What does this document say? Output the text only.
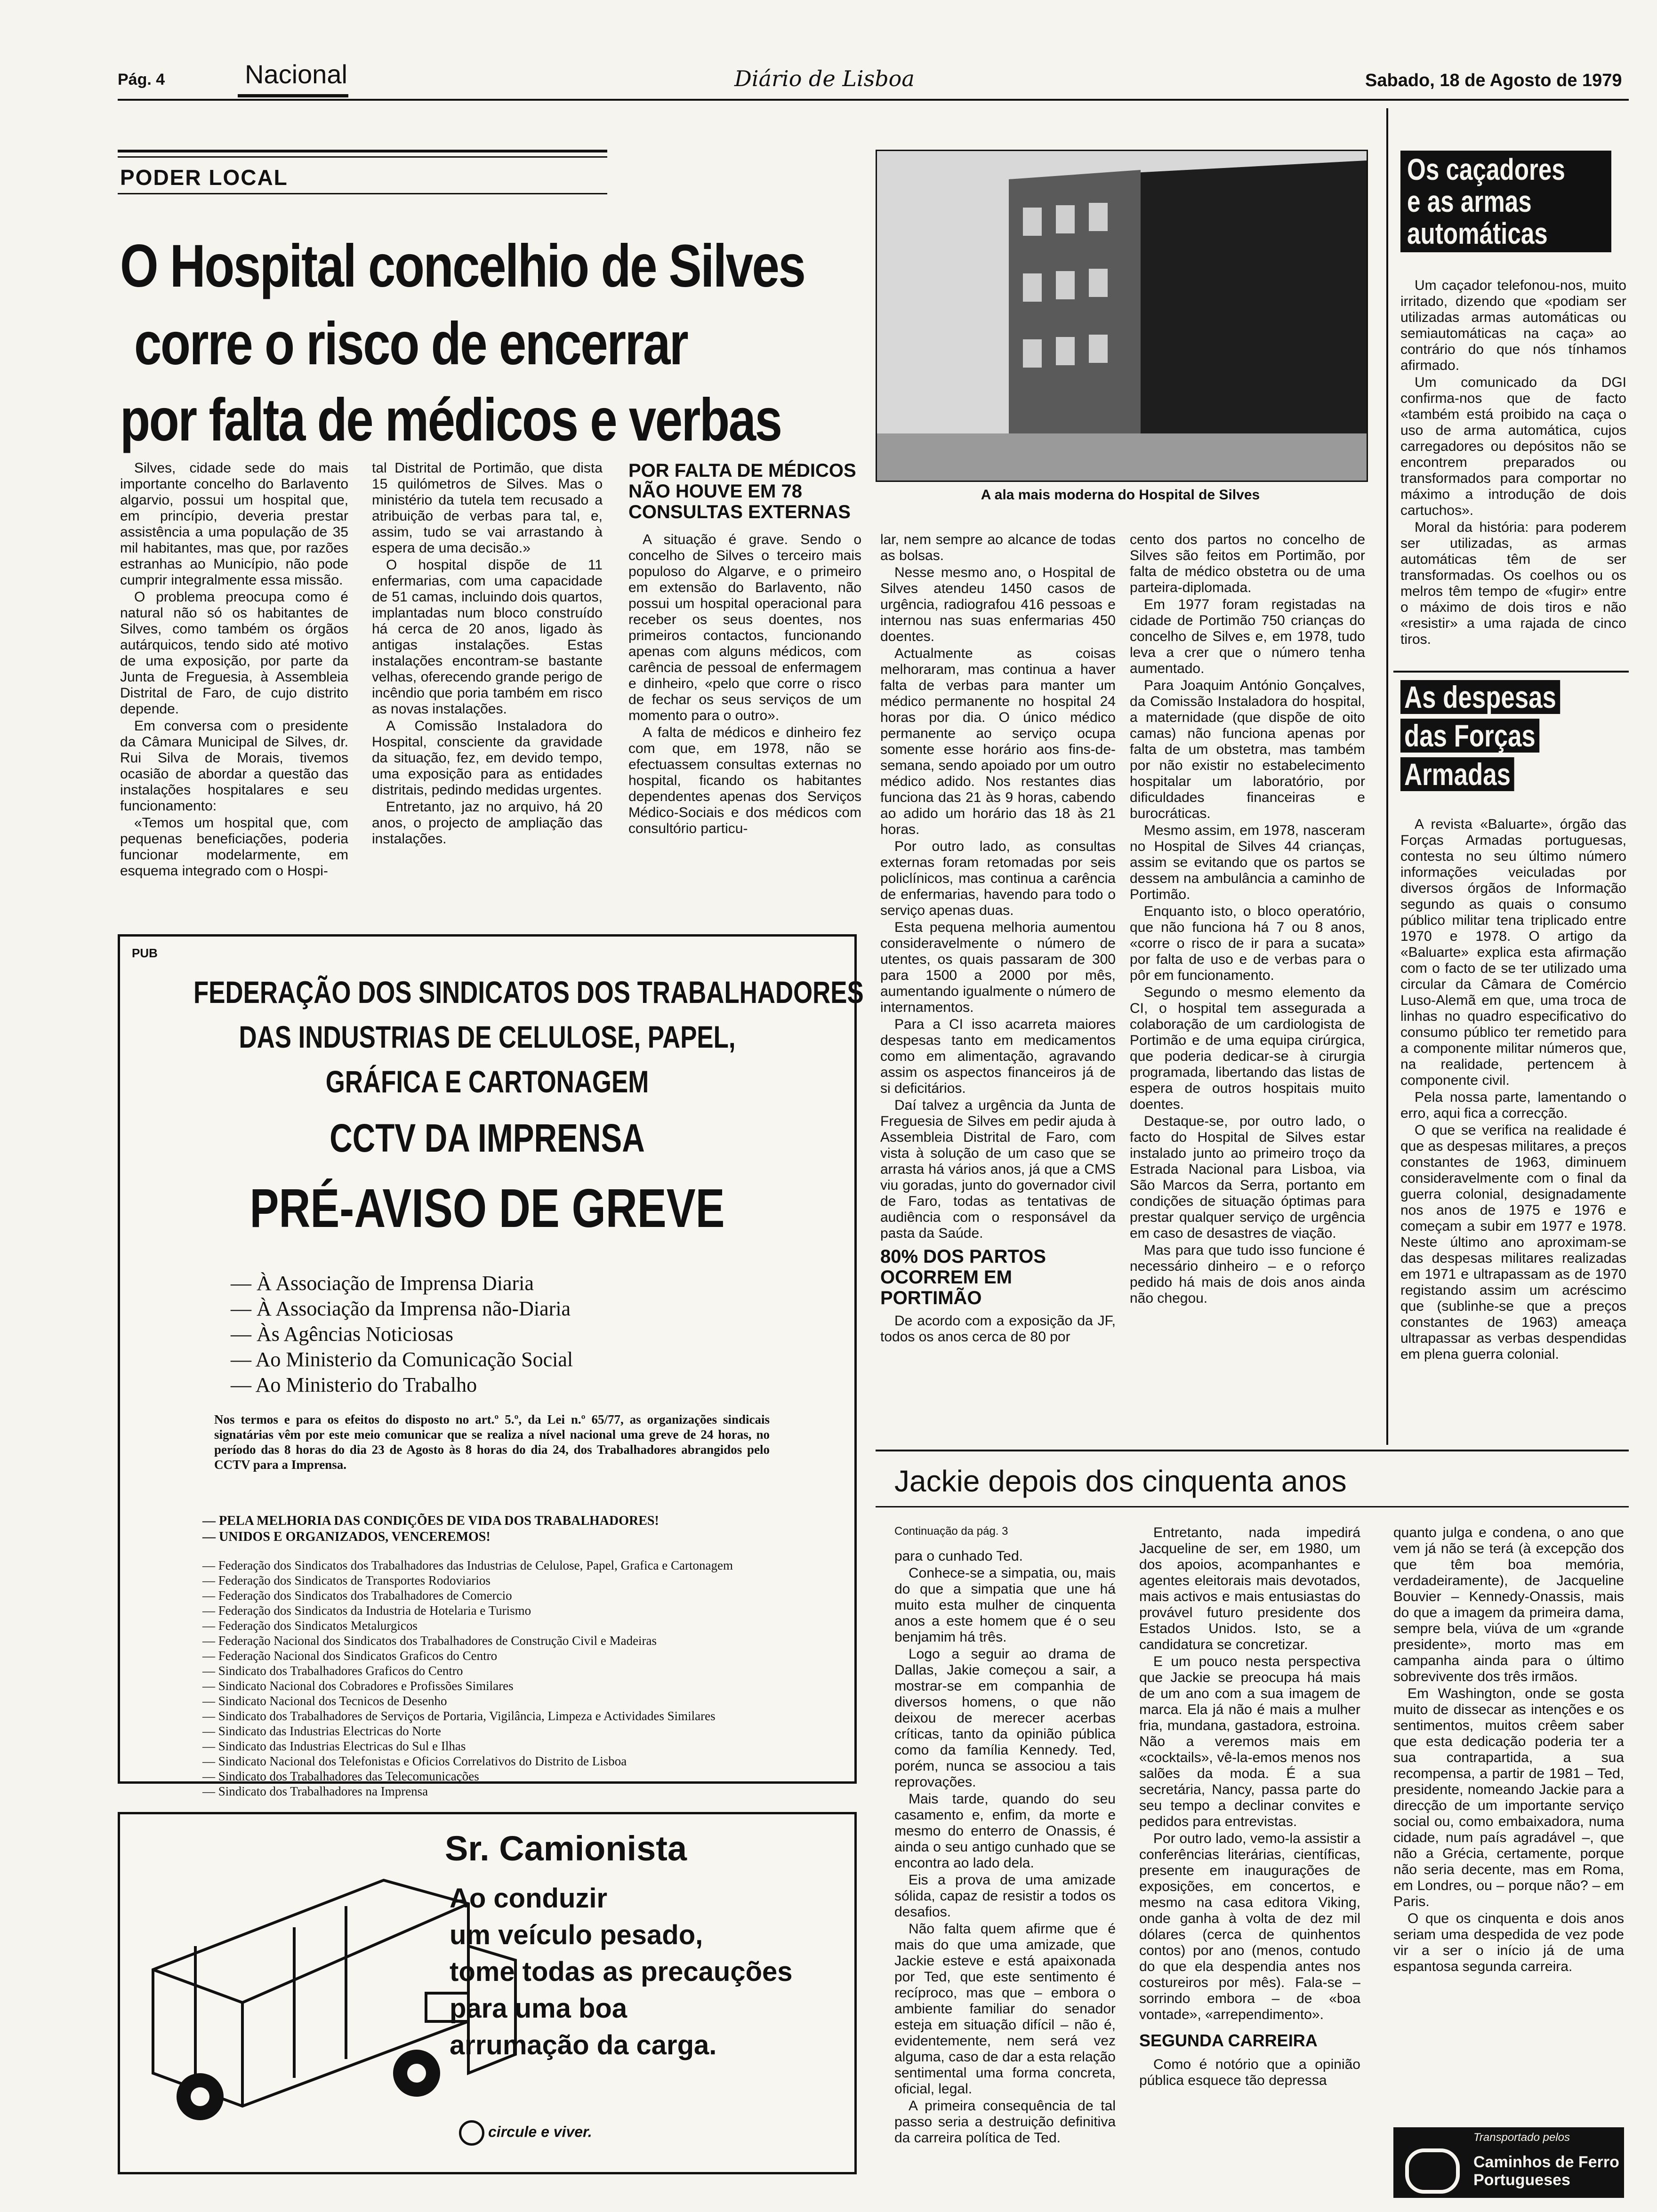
Pág. 4	Nacional	Diário de Lisboa	Sabado, 18 de Agosto de 1979
PODER LOCAL
O Hospital concelhio de Silves
corre o risco de encerrar
por falta de médicos e verbas

Silves, cidade sede do mais importante concelho do Barlavento algarvio, possui um hospital que, em princípio, deveria prestar assistência a uma população de 35 mil habitantes, mas que, por razões estranhas ao Município, não pode cumprir integralmente essa missão.

O problema preocupa como é natural não só os habitantes de Silves, como também os órgãos autárquicos, tendo sido até motivo de uma exposição, por parte da Junta de Freguesia, à Assembleia Distrital de Faro, de cujo distrito depende.

Em conversa com o presidente da Câmara Municipal de Silves, dr. Rui Silva de Morais, tivemos ocasião de abordar a questão das instalações hospitalares e seu funcionamento:

«Temos um hospital que, com pequenas beneficiações, poderia funcionar modelarmente, em esquema integrado com o Hospi-

tal Distrital de Portimão, que dista 15 quilómetros de Silves. Mas o ministério da tutela tem recusado a atribuição de verbas para tal, e, assim, tudo se vai arrastando à espera de uma decisão.»

O hospital dispõe de 11 enfermarias, com uma capacidade de 51 camas, incluindo dois quartos, implantadas num bloco construído há cerca de 20 anos, ligado às antigas instalações. Estas instalações encontram-se bastante velhas, oferecendo grande perigo de incêndio que poria também em risco as novas instalações.

A Comissão Instaladora do Hospital, consciente da gravidade da situação, fez, em devido tempo, uma exposição para as entidades distritais, pedindo medidas urgentes.

Entretanto, jaz no arquivo, há 20 anos, o projecto de ampliação das instalações.

POR FALTA DE MÉDICOS NÃO HOUVE EM 78 CONSULTAS EXTERNAS

A situação é grave. Sendo o concelho de Silves o terceiro mais populoso do Algarve, e o primeiro em extensão do Barlavento, não possui um hospital operacional para receber os seus doentes, nos primeiros contactos, funcionando apenas com alguns médicos, com carência de pessoal de enfermagem e dinheiro, «pelo que corre o risco de fechar os seus serviços de um momento para o outro».

A falta de médicos e dinheiro fez com que, em 1978, não se efectuassem consultas externas no hospital, ficando os habitantes dependentes apenas dos Serviços Médico-Sociais e dos médicos com consultório particu-

A ala mais moderna do Hospital de Silves

lar, nem sempre ao alcance de todas as bolsas.

Nesse mesmo ano, o Hospital de Silves atendeu 1450 casos de urgência, radiografou 416 pessoas e internou nas suas enfermarias 450 doentes.

Actualmente as coisas melhoraram, mas continua a haver falta de verbas para manter um médico permanente no hospital 24 horas por dia. O único médico permanente ao serviço ocupa somente esse horário aos fins-de-semana, sendo apoiado por um outro médico adido. Nos restantes dias funciona das 21 às 9 horas, cabendo ao adido um horário das 18 às 21 horas.

Por outro lado, as consultas externas foram retomadas por seis policlínicos, mas continua a carência de enfermarias, havendo para todo o serviço apenas duas.

Esta pequena melhoria aumentou consideravelmente o número de utentes, os quais passaram de 300 para 1500 a 2000 por mês, aumentando igualmente o número de internamentos.

Para a CI isso acarreta maiores despesas tanto em medicamentos como em alimentação, agravando assim os aspectos financeiros já de si deficitários.

Daí talvez a urgência da Junta de Freguesia de Silves em pedir ajuda à Assembleia Distrital de Faro, com vista à solução de um caso que se arrasta há vários anos, já que a CMS viu goradas, junto do governador civil de Faro, todas as tentativas de audiência com o responsável da pasta da Saúde.

80% DOS PARTOS OCORREM EM PORTIMÃO

De acordo com a exposição da JF, todos os anos cerca de 80 por

cento dos partos no concelho de Silves são feitos em Portimão, por falta de médico obstetra ou de uma parteira-diplomada.

Em 1977 foram registadas na cidade de Portimão 750 crianças do concelho de Silves e, em 1978, tudo leva a crer que o número tenha aumentado.

Para Joaquim António Gonçalves, da Comissão Instaladora do hospital, a maternidade (que dispõe de oito camas) não funciona apenas por falta de um obstetra, mas também por não existir no estabelecimento hospitalar um laboratório, por dificuldades financeiras e burocráticas.

Mesmo assim, em 1978, nasceram no Hospital de Silves 44 crianças, assim se evitando que os partos se dessem na ambulância a caminho de Portimão.

Enquanto isto, o bloco operatório, que não funciona há 7 ou 8 anos, «corre o risco de ir para a sucata» por falta de uso e de verbas para o pôr em funcionamento.

Segundo o mesmo elemento da CI, o hospital tem assegurada a colaboração de um cardiologista de Portimão e de uma equipa cirúrgica, que poderia dedicar-se à cirurgia programada, libertando das listas de espera de outros hospitais muito doentes.

Destaque-se, por outro lado, o facto do Hospital de Silves estar instalado junto ao primeiro troço da Estrada Nacional para Lisboa, via São Marcos da Serra, portanto em condições de situação óptimas para prestar qualquer serviço de urgência em caso de desastres de viação.

Mas para que tudo isso funcione é necessário dinheiro – e o reforço pedido há mais de dois anos ainda não chegou.

PUB
FEDERAÇÃO DOS SINDICATOS DOS TRABALHADORES
DAS INDUSTRIAS DE CELULOSE, PAPEL,
GRÁFICA E CARTONAGEM
CCTV DA IMPRENSA
PRÉ-AVISO DE GREVE
— À Associação de Imprensa Diaria
— À Associação da Imprensa não-Diaria
— Às Agências Noticiosas
— Ao Ministerio da Comunicação Social
— Ao Ministerio do Trabalho
Nos termos e para os efeitos do disposto no art.º 5.º, da Lei n.º 65/77, as organizações sindicais signatárias vêm por este meio comunicar que se realiza a nível nacional uma greve de 24 horas, no período das 8 horas do dia 23 de Agosto às 8 horas do dia 24, dos Trabalhadores abrangidos pelo CCTV para a Imprensa.
— PELA MELHORIA DAS CONDIÇÕES DE VIDA DOS TRABALHADORES!
— UNIDOS E ORGANIZADOS, VENCEREMOS!
— Federação dos Sindicatos dos Trabalhadores das Industrias de Celulose, Papel, Grafica e Cartonagem
— Federação dos Sindicatos de Transportes Rodoviarios
— Federação dos Sindicatos dos Trabalhadores de Comercio
— Federação dos Sindicatos da Industria de Hotelaria e Turismo
— Federação dos Sindicatos Metalurgicos
— Federação Nacional dos Sindicatos dos Trabalhadores de Construção Civil e Madeiras
— Federação Nacional dos Sindicatos Graficos do Centro
— Sindicato dos Trabalhadores Graficos do Centro
— Sindicato Nacional dos Cobradores e Profissões Similares
— Sindicato Nacional dos Tecnicos de Desenho
— Sindicato dos Trabalhadores de Serviços de Portaria, Vigilância, Limpeza e Actividades Similares
— Sindicato das Industrias Electricas do Norte
— Sindicato das Industrias Electricas do Sul e Ilhas
— Sindicato Nacional dos Telefonistas e Oficios Correlativos do Distrito de Lisboa
— Sindicato dos Trabalhadores das Telecomunicações
— Sindicato dos Trabalhadores na Imprensa
Sr. Camionista
Ao conduzir
um veículo pesado,
tome todas as precauções
para uma boa
arrumação da carga.
circule e viver.
Os caçadores
e as armas
automáticas

Um caçador telefonou-nos, muito irritado, dizendo que «podiam ser utilizadas armas automáticas ou semiautomáticas na caça» ao contrário do que nós tínhamos afirmado.

Um comunicado da DGI confirma-nos que de facto «também está proibido na caça o uso de arma automática, cujos carregadores ou depósitos não se encontrem preparados ou transformados para comportar no máximo a introdução de dois cartuchos».

Moral da história: para poderem ser utilizadas, as armas automáticas têm de ser transformadas. Os coelhos ou os melros têm tempo de «fugir» entre o máximo de dois tiros e não «resistir» a uma rajada de cinco tiros.

As despesas
das Forças
Armadas

A revista «Baluarte», órgão das Forças Armadas portuguesas, contesta no seu último número informações veiculadas por diversos órgãos de Informação segundo as quais o consumo público militar tena triplicado entre 1970 e 1978. O artigo da «Baluarte» explica esta afirmação com o facto de se ter utilizado uma circular da Câmara de Comércio Luso-Alemã em que, uma troca de linhas no quadro especificativo do consumo público ter remetido para a componente militar números que, na realidade, pertencem à componente civil.

Pela nossa parte, lamentando o erro, aqui fica a correcção.

O que se verifica na realidade é que as despesas militares, a preços constantes de 1963, diminuem consideravelmente com o final da guerra colonial, designadamente nos anos de 1975 e 1976 e começam a subir em 1977 e 1978. Neste último ano aproximam-se das despesas militares realizadas em 1971 e ultrapassam as de 1970 registando assim um acréscimo que (sublinhe-se que a preços constantes de 1963) ameaça ultrapassar as verbas despendidas em plena guerra colonial.

Jackie depois dos cinquenta anos
Continuação da pág. 3

para o cunhado Ted.

Conhece-se a simpatia, ou, mais do que a simpatia que une há muito esta mulher de cinquenta anos a este homem que é o seu benjamim há três.

Logo a seguir ao drama de Dallas, Jakie começou a sair, a mostrar-se em companhia de diversos homens, o que não deixou de merecer acerbas críticas, tanto da opinião pública como da família Kennedy. Ted, porém, nunca se associou a tais reprovações.

Mais tarde, quando do seu casamento e, enfim, da morte e mesmo do enterro de Onassis, é ainda o seu antigo cunhado que se encontra ao lado dela.

Eis a prova de uma amizade sólida, capaz de resistir a todos os desafios.

Não falta quem afirme que é mais do que uma amizade, que Jackie esteve e está apaixonada por Ted, que este sentimento é recíproco, mas que – embora o ambiente familiar do senador esteja em situação difícil – não é, evidentemente, nem será vez alguma, caso de dar a esta relação sentimental uma forma concreta, oficial, legal.

A primeira consequência de tal passo seria a destruição definitiva da carreira política de Ted.

Entretanto, nada impedirá Jacqueline de ser, em 1980, um dos apoios, acompanhantes e agentes eleitorais mais devotados, mais activos e mais entusiastas do provável futuro presidente dos Estados Unidos. Isto, se a candidatura se concretizar.

E um pouco nesta perspectiva que Jackie se preocupa há mais de um ano com a sua imagem de marca. Ela já não é mais a mulher fria, mundana, gastadora, estroina. Não a veremos mais em «cocktails», vê-la-emos menos nos salões da moda. É a sua secretária, Nancy, passa parte do seu tempo a declinar convites e pedidos para entrevistas.

Por outro lado, vemo-la assistir a conferências literárias, científicas, presente em inaugurações de exposições, em concertos, e mesmo na casa editora Viking, onde ganha à volta de dez mil dólares (cerca de quinhentos contos) por ano (menos, contudo do que ela despendia antes nos costureiros por mês). Fala-se – sorrindo embora – de «boa vontade», «arrependimento».

SEGUNDA CARREIRA

Como é notório que a opinião pública esquece tão depressa

quanto julga e condena, o ano que vem já não se terá (à excepção dos que têm boa memória, verdadeiramente), de Jacqueline Bouvier – Kennedy-Onassis, mais do que a imagem da primeira dama, sempre bela, viúva de um «grande presidente», morto mas em campanha ainda para o último sobrevivente dos três irmãos.

Em Washington, onde se gosta muito de dissecar as intenções e os sentimentos, muitos crêem saber que esta dedicação poderia ter a sua contrapartida, a sua recompensa, a partir de 1981 – Ted, presidente, nomeando Jackie para a direcção de um importante serviço social ou, como embaixadora, numa cidade, num país agradável –, que não a Grécia, certamente, porque não seria decente, mas em Roma, em Londres, ou – porque não? – em Paris.

O que os cinquenta e dois anos seriam uma despedida de vez pode vir a ser o início já de uma espantosa segunda carreira.

Transportado pelos
Caminhos de Ferro
Portugueses
